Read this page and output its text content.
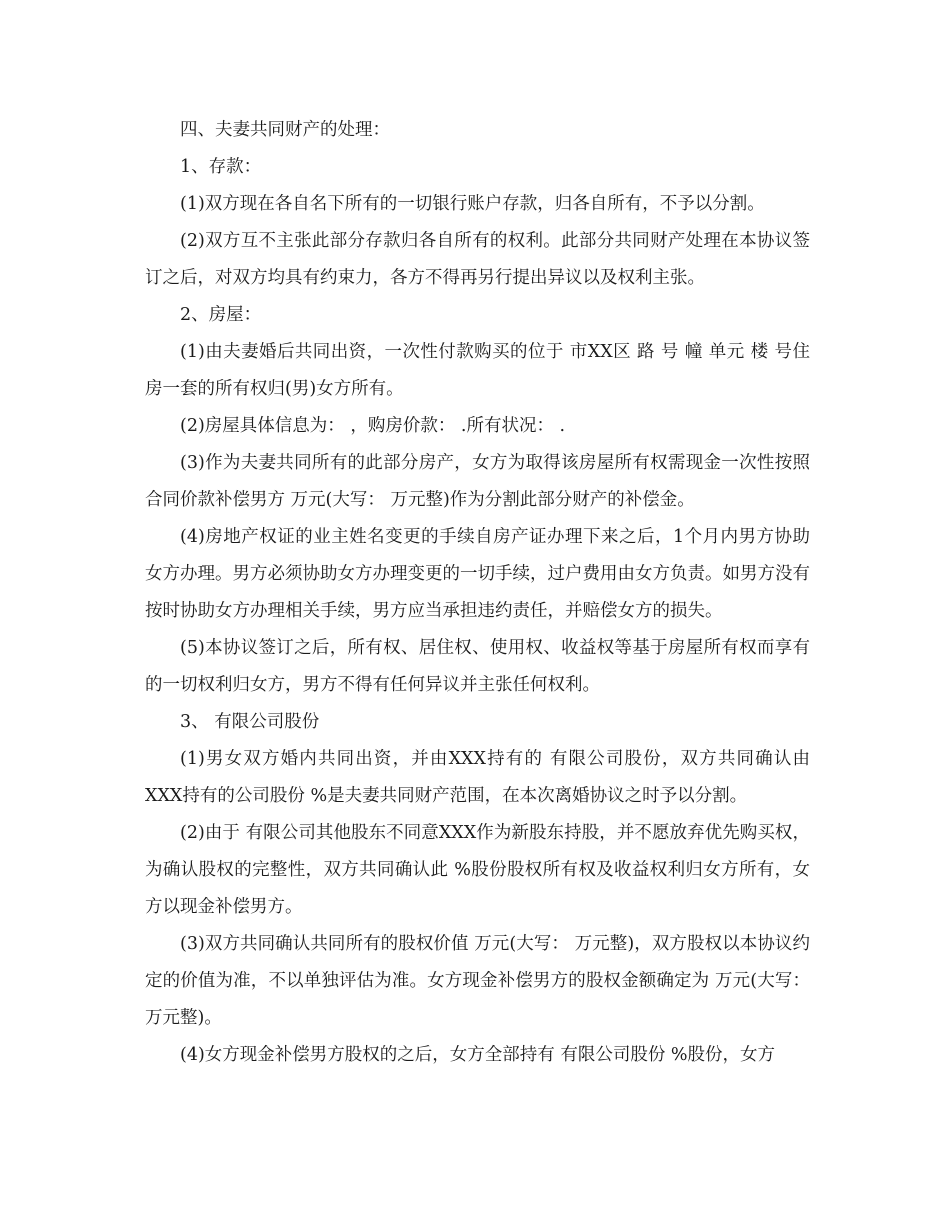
四、夫妻共同财产的处理：

1、存款：

(1)双方现在各自名下所有的一切银行账户存款，归各自所有，不予以分割。

(2)双方互不主张此部分存款归各自所有的权利。此部分共同财产处理在本协议签订之后，对双方均具有约束力，各方不得再另行提出异议以及权利主张。

2、房屋：

(1)由夫妻婚后共同出资，一次性付款购买的位于 市XX区 路 号 幢 单元 楼 号住房一套的所有权归(男)女方所有。

(2)房屋具体信息为： ，购房价款： .所有状况： .

(3)作为夫妻共同所有的此部分房产，女方为取得该房屋所有权需现金一次性按照合同价款补偿男方 万元(大写： 万元整)作为分割此部分财产的补偿金。

(4)房地产权证的业主姓名变更的手续自房产证办理下来之后，1个月内男方协助女方办理。男方必须协助女方办理变更的一切手续，过户费用由女方负责。如男方没有按时协助女方办理相关手续，男方应当承担违约责任，并赔偿女方的损失。

(5)本协议签订之后，所有权、居住权、使用权、收益权等基于房屋所有权而享有的一切权利归女方，男方不得有任何异议并主张任何权利。

3、 有限公司股份

(1)男女双方婚内共同出资，并由XXX持有的 有限公司股份，双方共同确认由XXX持有的公司股份 %是夫妻共同财产范围，在本次离婚协议之时予以分割。

(2)由于 有限公司其他股东不同意XXX作为新股东持股，并不愿放弃优先购买权，为确认股权的完整性，双方共同确认此 %股份股权所有权及收益权利归女方所有，女方以现金补偿男方。

(3)双方共同确认共同所有的股权价值 万元(大写： 万元整)，双方股权以本协议约定的价值为准，不以单独评估为准。女方现金补偿男方的股权金额确定为 万元(大写： 万元整)。

(4)女方现金补偿男方股权的之后，女方全部持有 有限公司股份 %股份，女方
